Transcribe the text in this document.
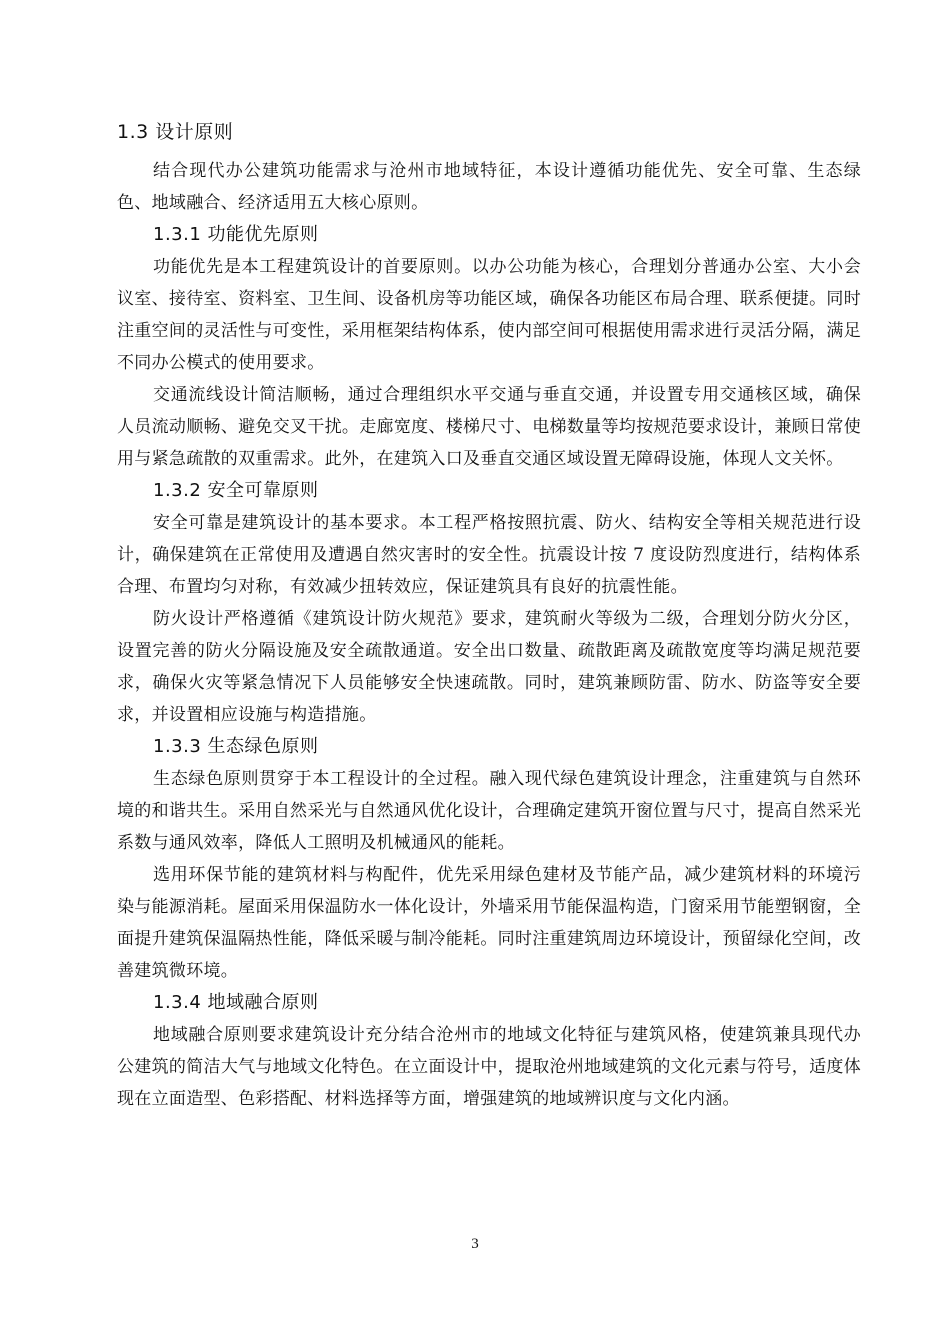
1.3 设计原则

结合现代办公建筑功能需求与沧州市地域特征，本设计遵循功能优先、安全可靠、生态绿色、地域融合、经济适用五大核心原则。

1.3.1 功能优先原则

功能优先是本工程建筑设计的首要原则。以办公功能为核心，合理划分普通办公室、大小会议室、接待室、资料室、卫生间、设备机房等功能区域，确保各功能区布局合理、联系便捷。同时注重空间的灵活性与可变性，采用框架结构体系，使内部空间可根据使用需求进行灵活分隔，满足不同办公模式的使用要求。

交通流线设计简洁顺畅，通过合理组织水平交通与垂直交通，并设置专用交通核区域，确保人员流动顺畅、避免交叉干扰。走廊宽度、楼梯尺寸、电梯数量等均按规范要求设计，兼顾日常使用与紧急疏散的双重需求。此外，在建筑入口及垂直交通区域设置无障碍设施，体现人文关怀。

1.3.2 安全可靠原则

安全可靠是建筑设计的基本要求。本工程严格按照抗震、防火、结构安全等相关规范进行设计，确保建筑在正常使用及遭遇自然灾害时的安全性。抗震设计按 7 度设防烈度进行，结构体系合理、布置均匀对称，有效减少扭转效应，保证建筑具有良好的抗震性能。

防火设计严格遵循《建筑设计防火规范》要求，建筑耐火等级为二级，合理划分防火分区，设置完善的防火分隔设施及安全疏散通道。安全出口数量、疏散距离及疏散宽度等均满足规范要求，确保火灾等紧急情况下人员能够安全快速疏散。同时，建筑兼顾防雷、防水、防盗等安全要求，并设置相应设施与构造措施。

1.3.3 生态绿色原则

生态绿色原则贯穿于本工程设计的全过程。融入现代绿色建筑设计理念，注重建筑与自然环境的和谐共生。采用自然采光与自然通风优化设计，合理确定建筑开窗位置与尺寸，提高自然采光系数与通风效率，降低人工照明及机械通风的能耗。

选用环保节能的建筑材料与构配件，优先采用绿色建材及节能产品，减少建筑材料的环境污染与能源消耗。屋面采用保温防水一体化设计，外墙采用节能保温构造，门窗采用节能塑钢窗，全面提升建筑保温隔热性能，降低采暖与制冷能耗。同时注重建筑周边环境设计，预留绿化空间，改善建筑微环境。

1.3.4 地域融合原则

地域融合原则要求建筑设计充分结合沧州市的地域文化特征与建筑风格，使建筑兼具现代办公建筑的简洁大气与地域文化特色。在立面设计中，提取沧州地域建筑的文化元素与符号，适度体现在立面造型、色彩搭配、材料选择等方面，增强建筑的地域辨识度与文化内涵。

3
